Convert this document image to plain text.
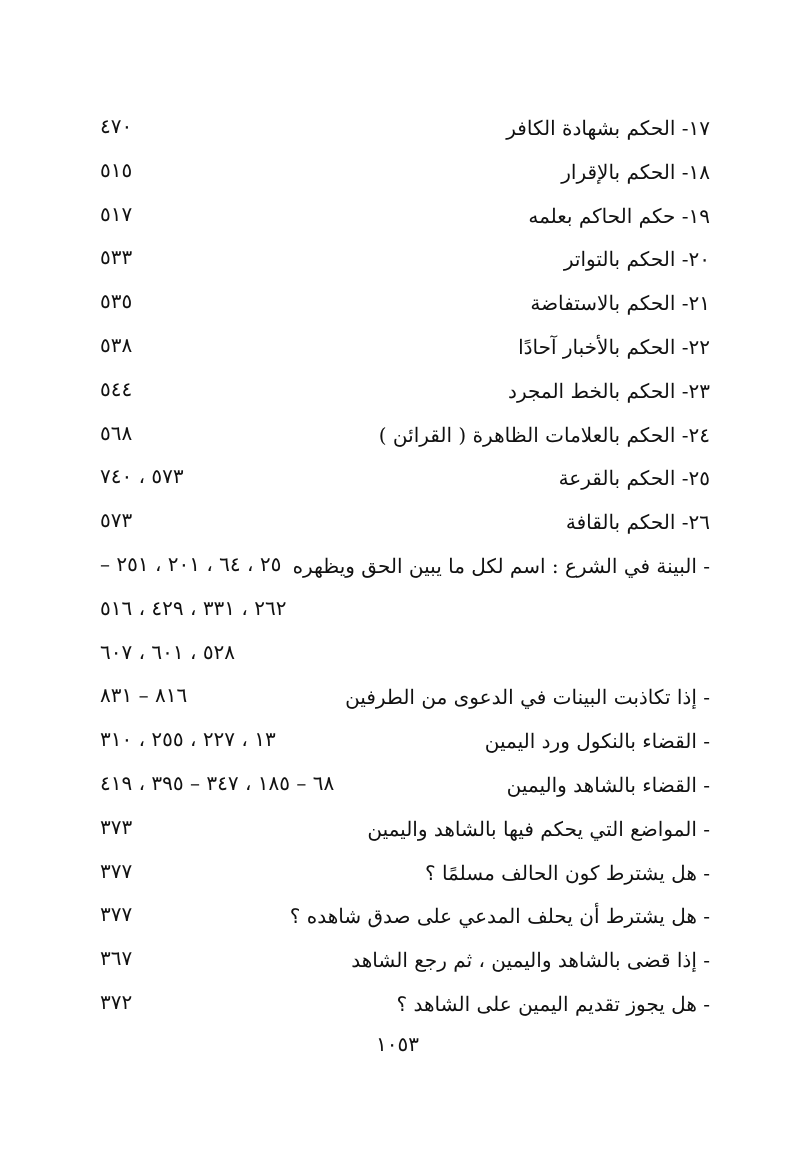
١٧- الحكم بشهادة الكافر
٤٧٠
١٨- الحكم بالإقرار
٥١٥
١٩- حكم الحاكم بعلمه
٥١٧
٢٠- الحكم بالتواتر
٥٣٣
٢١- الحكم بالاستفاضة
٥٣٥
٢٢- الحكم بالأخبار آحادًا
٥٣٨
٢٣- الحكم بالخط المجرد
٥٤٤
٢٤- الحكم بالعلامات الظاهرة ( القرائن )
٥٦٨
٢٥- الحكم بالقرعة
٥٧٣ ، ٧٤٠
٢٦- الحكم بالقافة
٥٧٣
- البينة في الشرع : اسم لكل ما يبين الحق ويظهره
٢٥ ، ٦٤ ، ٢٠١ ، ٢٥١ –
٢٦٢ ، ٣٣١ ، ٤٢٩ ، ٥١٦
٥٢٨ ، ٦٠١ ، ٦٠٧
- إذا تكاذبت البينات في الدعوى من الطرفين
٨١٦ – ٨٣١
- القضاء بالنكول ورد اليمين
١٣ ، ٢٢٧ ، ٢٥٥ ، ٣١٠
- القضاء بالشاهد واليمين
٦٨ – ١٨٥ ، ٣٤٧ – ٣٩٥ ، ٤١٩
- المواضع التي يحكم فيها بالشاهد واليمين
٣٧٣
- هل يشترط كون الحالف مسلمًا ؟
٣٧٧
- هل يشترط أن يحلف المدعي على صدق شاهده ؟
٣٧٧
- إذا قضى بالشاهد واليمين ، ثم رجع الشاهد
٣٦٧
- هل يجوز تقديم اليمين على الشاهد ؟
٣٧٢
١٠٥٣
